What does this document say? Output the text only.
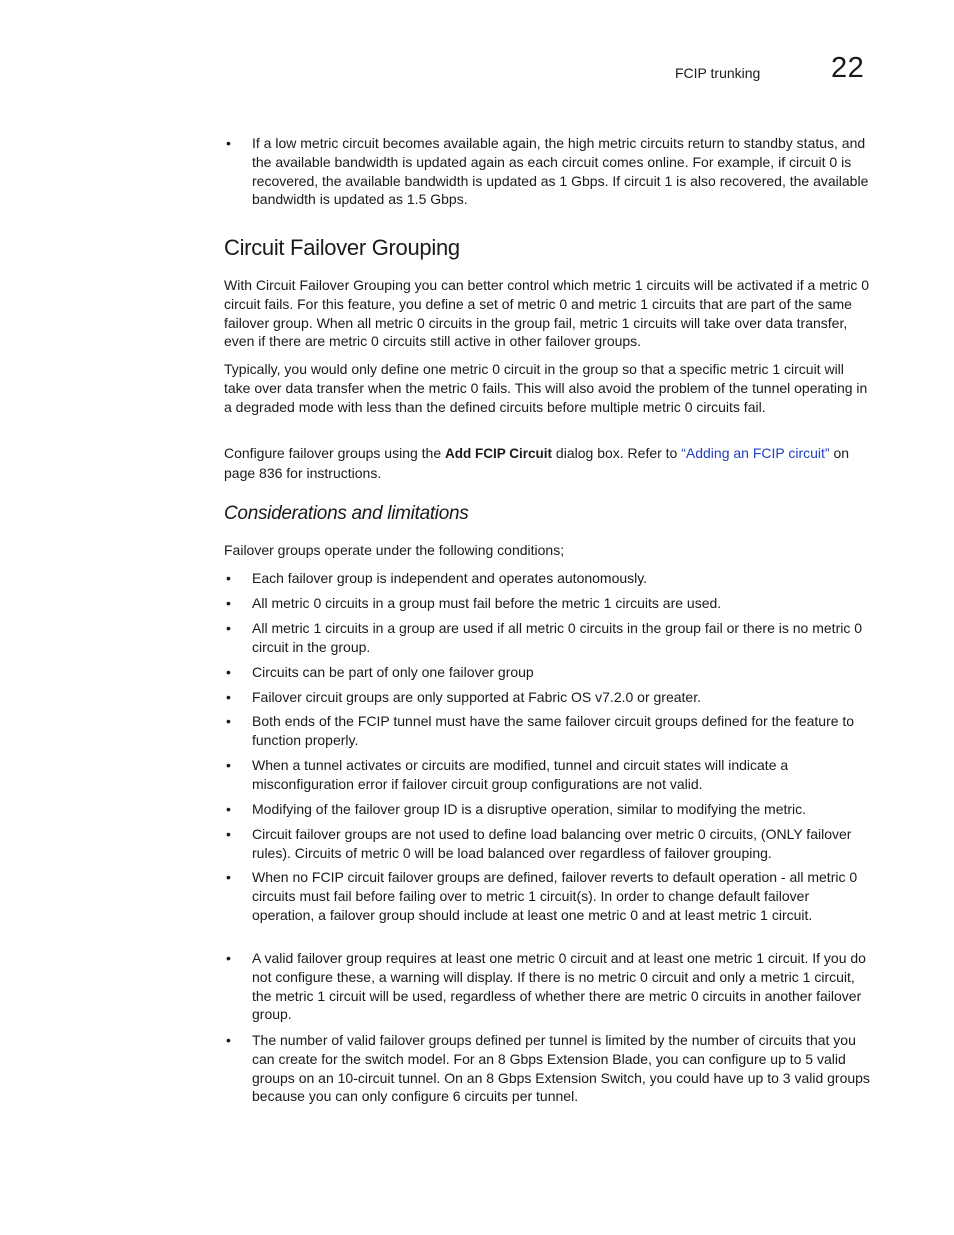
FCIP trunking 22
• If a low metric circuit becomes available again, the high metric circuits return to standby status, and the available bandwidth is updated again as each circuit comes online. For example, if circuit 0 is recovered, the available bandwidth is updated as 1 Gbps. If circuit 1 is also recovered, the available bandwidth is updated as 1.5 Gbps.
Circuit Failover Grouping

With Circuit Failover Grouping you can better control which metric 1 circuits will be activated if a metric 0 circuit fails. For this feature, you define a set of metric 0 and metric 1 circuits that are part of the same failover group. When all metric 0 circuits in the group fail, metric 1 circuits will take over data transfer, even if there are metric 0 circuits still active in other failover groups.

Typically, you would only define one metric 0 circuit in the group so that a specific metric 1 circuit will take over data transfer when the metric 0 fails. This will also avoid the problem of the tunnel operating in a degraded mode with less than the defined circuits before multiple metric 0 circuits fail.

Configure failover groups using the Add FCIP Circuit dialog box. Refer to “Adding an FCIP circuit” on page 836 for instructions.

Considerations and limitations

Failover groups operate under the following conditions;

• Each failover group is independent and operates autonomously.
• All metric 0 circuits in a group must fail before the metric 1 circuits are used.
• All metric 1 circuits in a group are used if all metric 0 circuits in the group fail or there is no metric 0 circuit in the group.
• Circuits can be part of only one failover group
• Failover circuit groups are only supported at Fabric OS v7.2.0 or greater.
• Both ends of the FCIP tunnel must have the same failover circuit groups defined for the feature to function properly.
• When a tunnel activates or circuits are modified, tunnel and circuit states will indicate a misconfiguration error if failover circuit group configurations are not valid.
• Modifying of the failover group ID is a disruptive operation, similar to modifying the metric.
• Circuit failover groups are not used to define load balancing over metric 0 circuits, (ONLY failover rules). Circuits of metric 0 will be load balanced over regardless of failover grouping.
• When no FCIP circuit failover groups are defined, failover reverts to default operation - all metric 0 circuits must fail before failing over to metric 1 circuit(s). In order to change default failover operation, a failover group should include at least one metric 0 and at least metric 1 circuit.
• A valid failover group requires at least one metric 0 circuit and at least one metric 1 circuit. If you do not configure these, a warning will display. If there is no metric 0 circuit and only a metric 1 circuit, the metric 1 circuit will be used, regardless of whether there are metric 0 circuits in another failover group.
• The number of valid failover groups defined per tunnel is limited by the number of circuits that you can create for the switch model. For an 8 Gbps Extension Blade, you can configure up to 5 valid groups on an 10-circuit tunnel. On an 8 Gbps Extension Switch, you could have up to 3 valid groups because you can only configure 6 circuits per tunnel.
